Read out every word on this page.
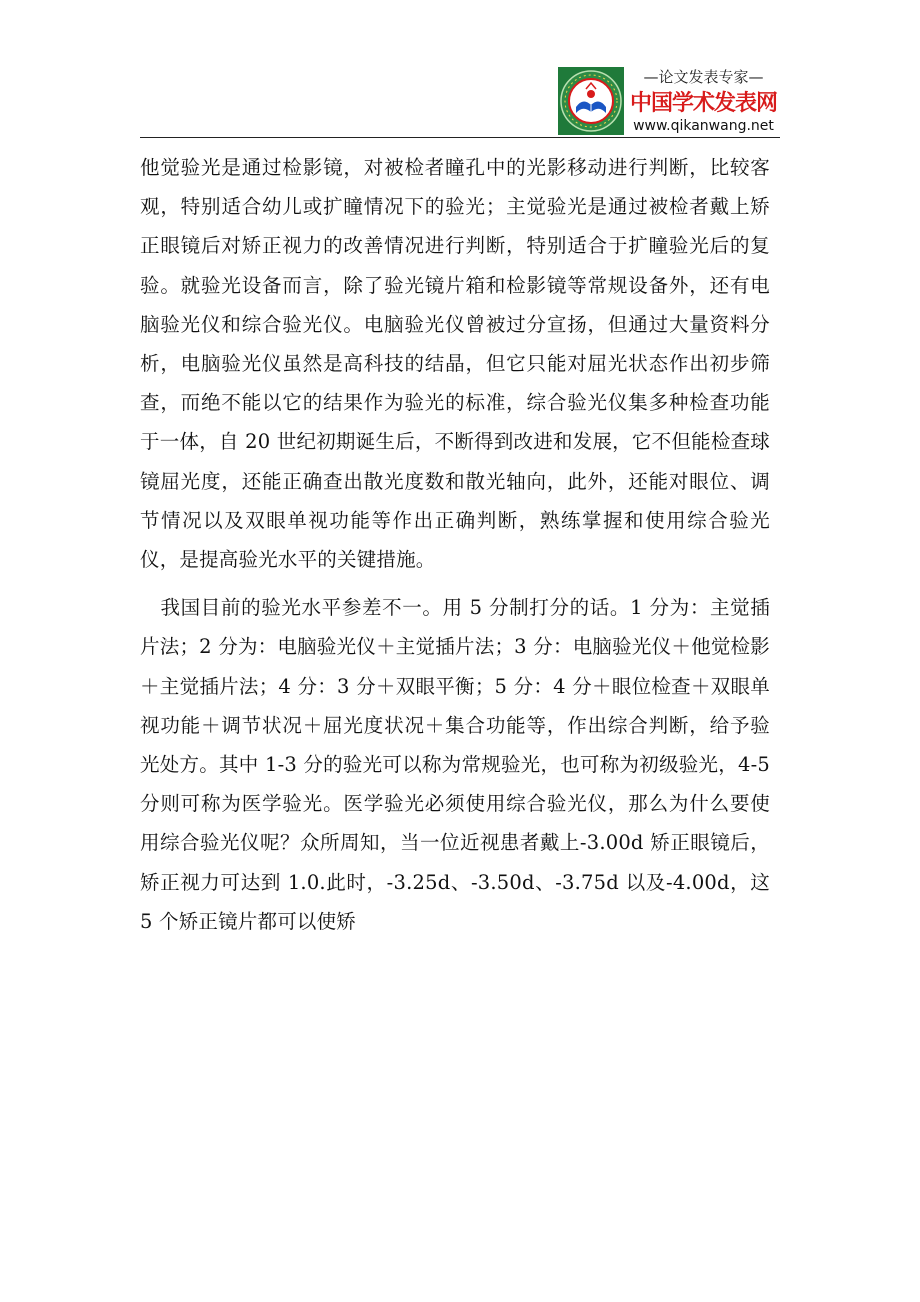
—论文发表专家—
中国学术发表网
www.qikanwang.net

他觉验光是通过检影镜，对被检者瞳孔中的光影移动进行判断，比较客观，特别适合幼儿或扩瞳情况下的验光；主觉验光是通过被检者戴上矫正眼镜后对矫正视力的改善情况进行判断，特别适合于扩瞳验光后的复验。就验光设备而言，除了验光镜片箱和检影镜等常规设备外，还有电脑验光仪和综合验光仪。电脑验光仪曾被过分宣扬，但通过大量资料分析，电脑验光仪虽然是高科技的结晶，但它只能对屈光状态作出初步筛查，而绝不能以它的结果作为验光的标准，综合验光仪集多种检查功能于一体，自 20 世纪初期诞生后，不断得到改进和发展，它不但能检查球镜屈光度，还能正确查出散光度数和散光轴向，此外，还能对眼位、调节情况以及双眼单视功能等作出正确判断，熟练掌握和使用综合验光仪，是提高验光水平的关键措施。

我国目前的验光水平参差不一。用 5 分制打分的话。1 分为：主觉插片法；2 分为：电脑验光仪＋主觉插片法；3 分：电脑验光仪＋他觉检影＋主觉插片法；4 分：3 分＋双眼平衡；5 分：4 分＋眼位检查＋双眼单视功能＋调节状况＋屈光度状况＋集合功能等，作出综合判断，给予验光处方。其中 1-3 分的验光可以称为常规验光，也可称为初级验光，4-5 分则可称为医学验光。医学验光必须使用综合验光仪，那么为什么要使用综合验光仪呢？众所周知，当一位近视患者戴上-3.00d 矫正眼镜后，矫正视力可达到 1.0.此时，-3.25d、-3.50d、-3.75d 以及-4.00d，这 5 个矫正镜片都可以使矫
